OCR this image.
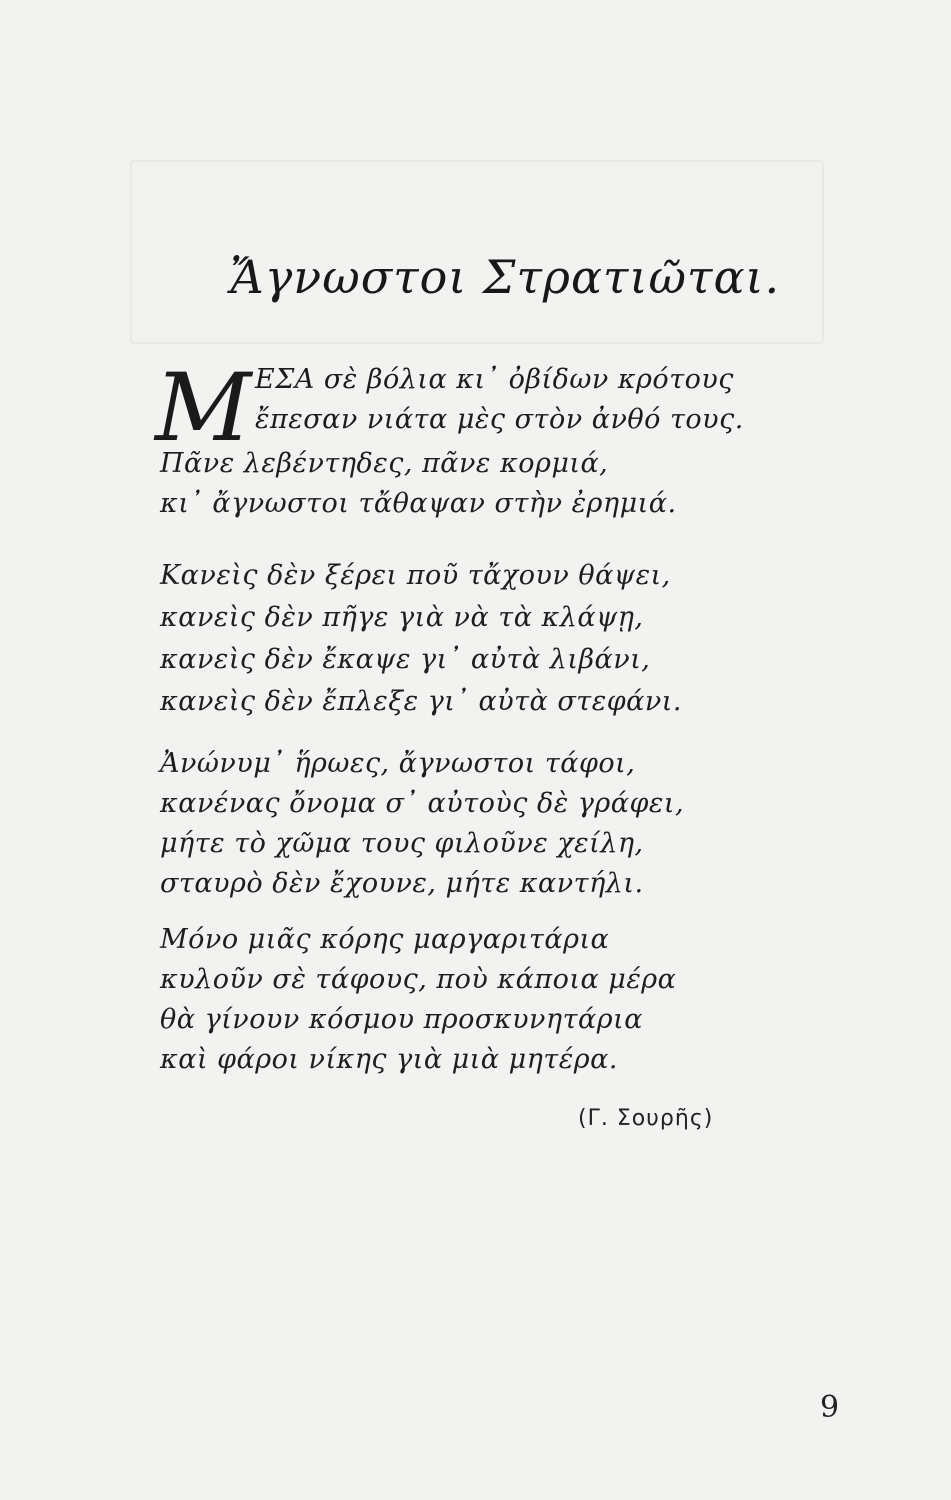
Ἄγνωστοι Στρατιῶται.
M ΕΣΑ σὲ βόλια κι᾽ ὀβίδων κρότους
ἔπεσαν νιάτα μὲς στὸν ἀνθό τους.
Πᾶνε λεβέντηδες, πᾶνε κορμιά,
κι᾽ ἄγνωστοι τἄθαψαν στὴν ἐρημιά.
Κανεὶς δὲν ξέρει ποῦ τἄχουν θάψει,
κανεὶς δὲν πῆγε γιὰ νὰ τὰ κλάψῃ,
κανεὶς δὲν ἔκαψε γι᾽ αὐτὰ λιβάνι,
κανεὶς δὲν ἔπλεξε γι᾽ αὐτὰ στεφάνι.
Ἀνώνυμ᾽ ἥρωες, ἄγνωστοι τάφοι,
κανένας ὄνομα σ᾽ αὐτοὺς δὲ γράφει,
μήτε τὸ χῶμα τους φιλοῦνε χείλη,
σταυρὸ δὲν ἔχουνε, μήτε καντήλι.
Μόνο μιᾶς κόρης μαργαριτάρια
κυλοῦν σὲ τάφους, ποὺ κάποια μέρα
θὰ γίνουν κόσμου προσκυνητάρια
καὶ φάροι νίκης γιὰ μιὰ μητέρα.
(Γ. Σουρῆς)
9
